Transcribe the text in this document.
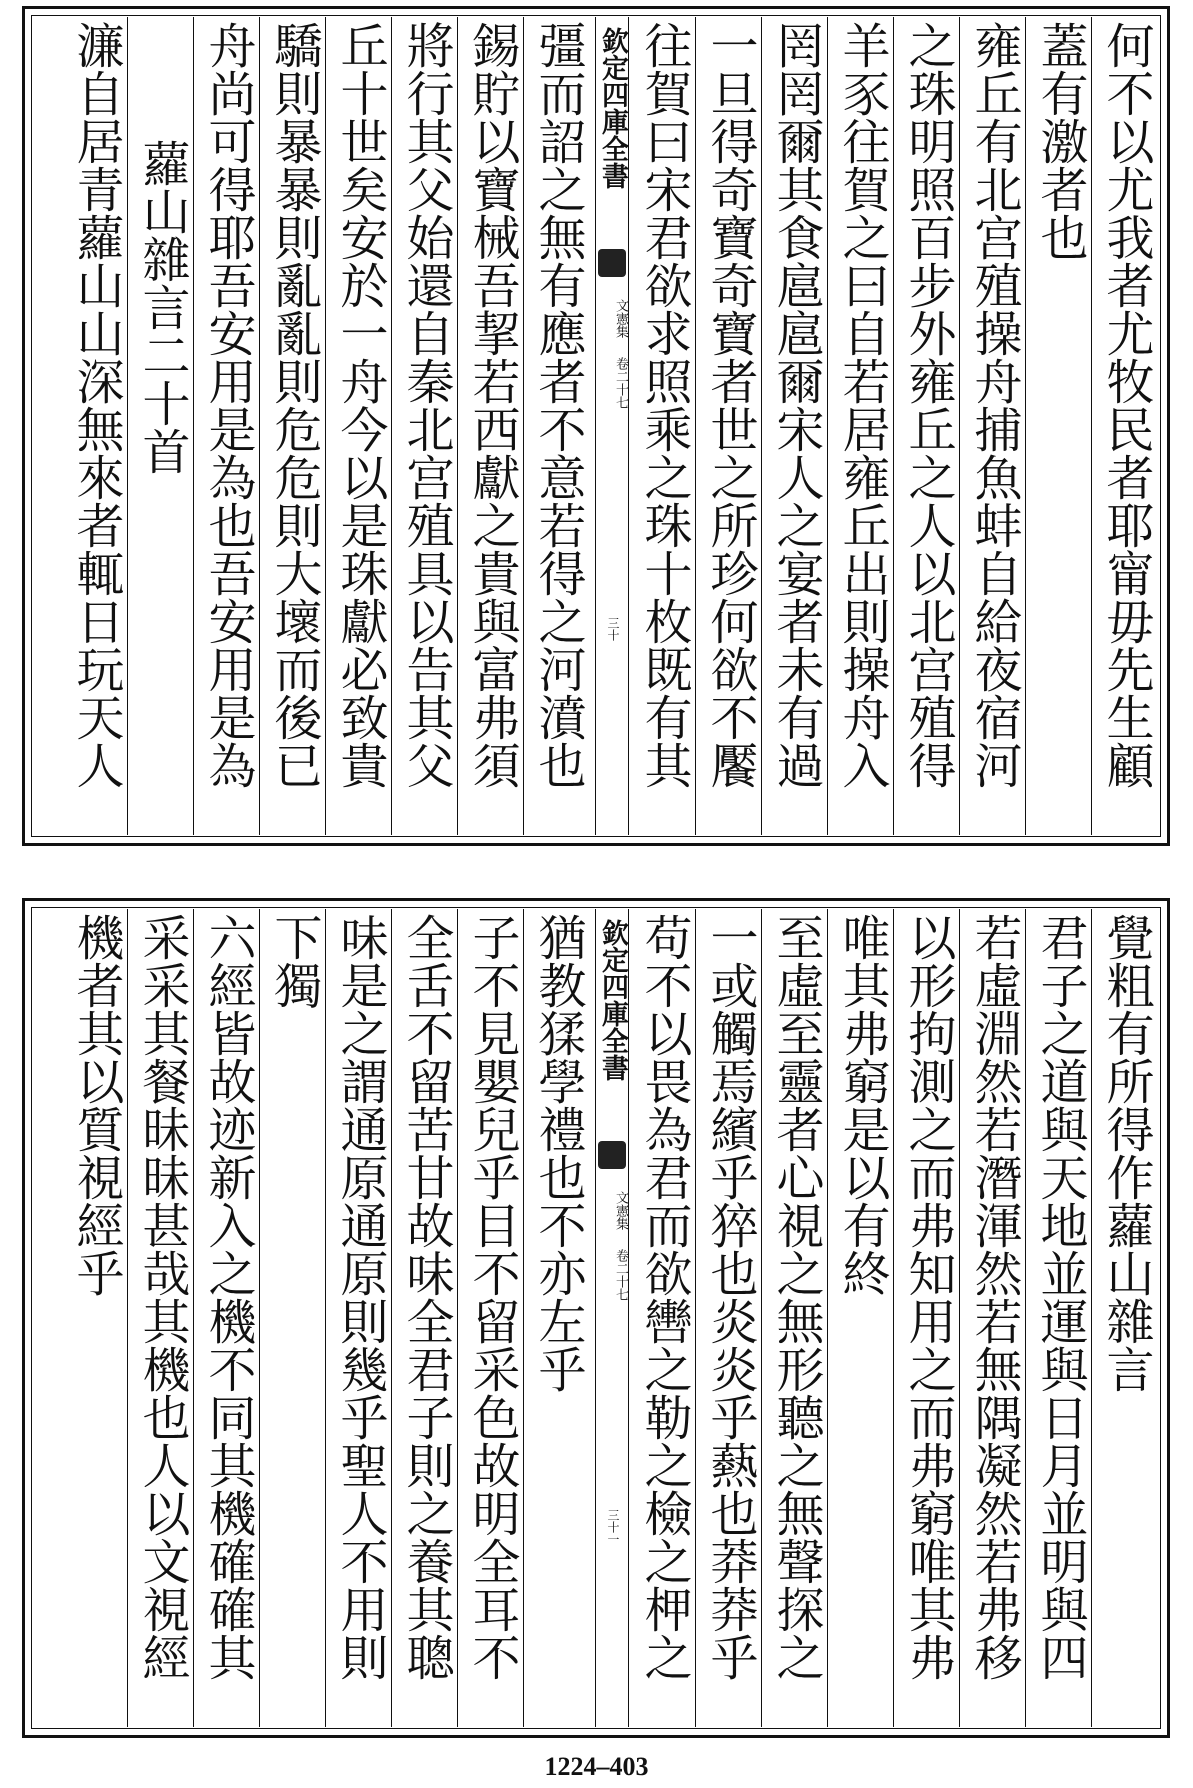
何不以尤我者尤牧民者耶甯毋先生顧
蓋有激者也
雍丘有北宫殖操舟捕魚蚌自給夜宿河
之珠明照百步外雍丘之人以北宫殖得
羊豕往賀之曰自若居雍丘出則操舟入
罔罔爾其食扈扈爾宋人之宴者未有過
一旦得奇寶奇寶者世之所珍何欲不饜
往賀曰宋君欲求照乘之珠十枚既有其
欽定四庫全書
文憲集
卷二十七
三十
彊而詔之無有應者不意若得之河濆也
錫貯以寶械吾挈若西獻之貴與富弗須
將行其父始還自秦北宫殖具以告其父
丘十世矣安於一舟今以是珠獻必致貴
驕則暴暴則亂亂則危危則大壞而後已
舟尚可得耶吾安用是為也吾安用是為
蘿山雜言二十首
濂自居青蘿山山深無來者輒日玩天人
覺粗有所得作蘿山雜言
君子之道與天地並運與日月並明與四
若虛淵然若潛渾然若無隅凝然若弗移
以形拘測之而弗知用之而弗窮唯其弗
唯其弗窮是以有終
至虛至靈者心視之無形聽之無聲探之
一或觸焉繽乎猝也炎炎乎爇也莽莽乎
苟不以畏為君而欲轡之勒之檢之柙之
欽定四庫全書
文憲集
卷二十七
三十一
猶教猱學禮也不亦左乎
子不見嬰兒乎目不留采色故明全耳不
全舌不留苦甘故味全君子則之養其聰
味是之謂通原通原則幾乎聖人不用則
下獨
六經皆故迹新入之機不同其機確確其
采采其餐昧昧甚哉其機也人以文視經
機者其以質視經乎
1224–403
